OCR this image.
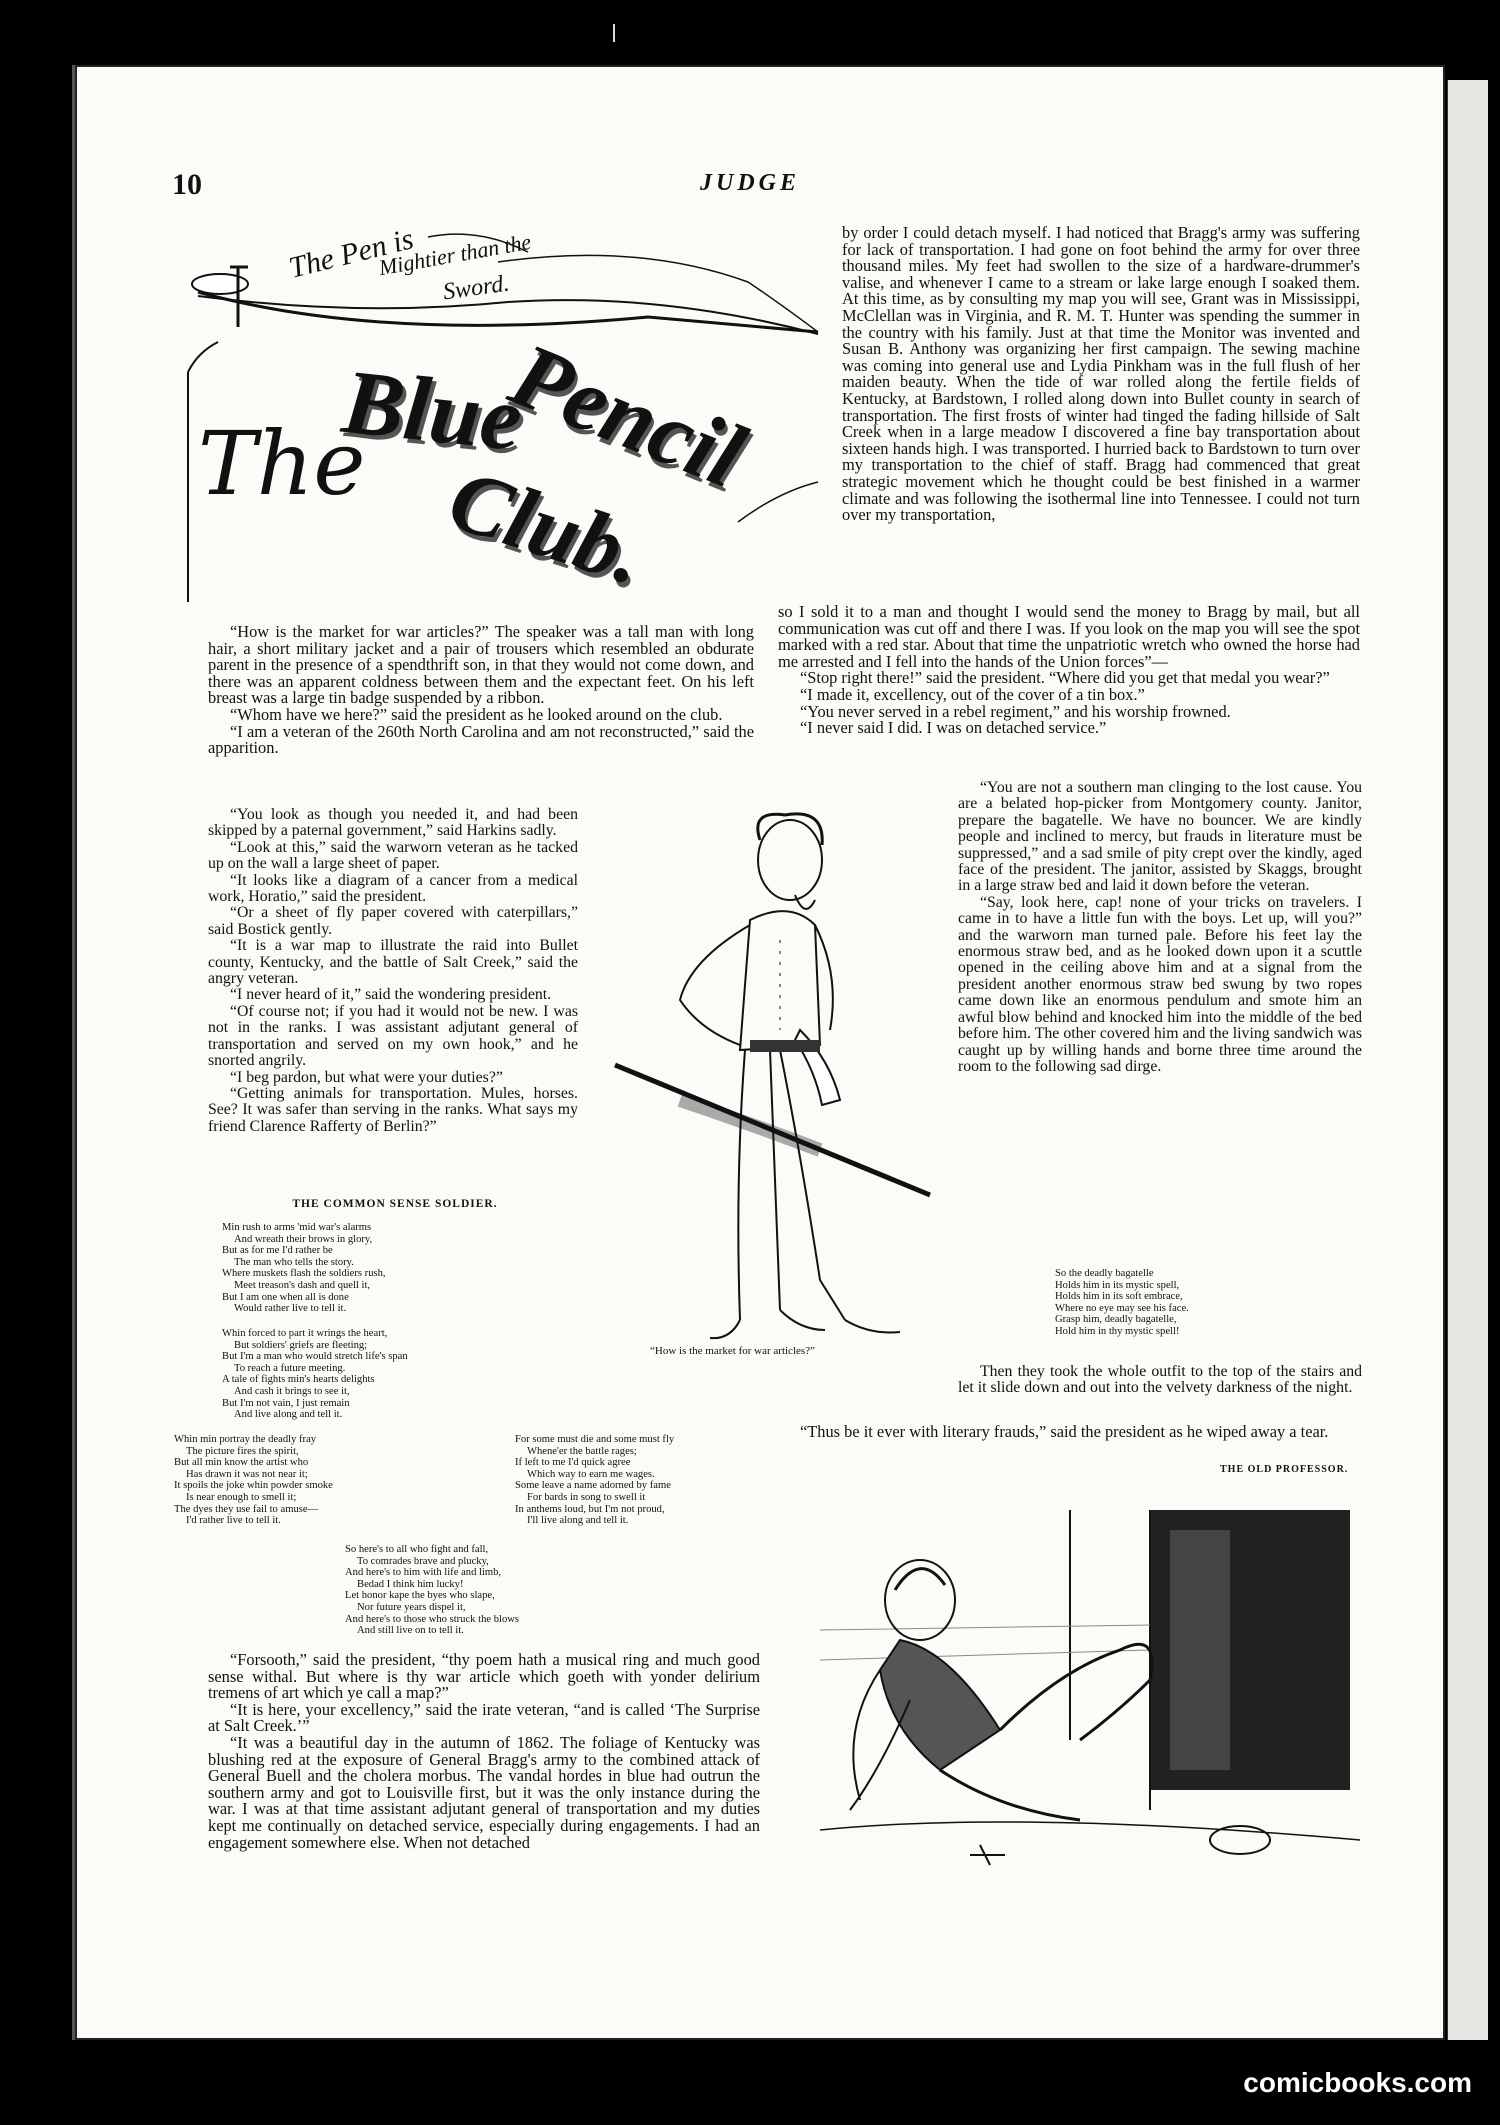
10	JUDGE
The Pen is
Mightier than the
Sword.
The
Blue
Pencil
Club.

“How is the market for war articles?” The speaker was a tall man with long hair, a short military jacket and a pair of trousers which resembled an obdurate parent in the presence of a spendthrift son, in that they would not come down, and there was an apparent coldness between them and the expectant feet. On his left breast was a large tin badge suspended by a ribbon.

“Whom have we here?” said the president as he looked around on the club.

“I am a veteran of the 260th North Carolina and am not reconstructed,” said the apparition.

“You look as though you needed it, and had been skipped by a paternal government,” said Harkins sadly.

“Look at this,” said the warworn veteran as he tacked up on the wall a large sheet of paper.

“It looks like a diagram of a cancer from a medical work, Horatio,” said the president.

“Or a sheet of fly paper covered with caterpillars,” said Bostick gently.

“It is a war map to illustrate the raid into Bullet county, Kentucky, and the battle of Salt Creek,” said the angry veteran.

“I never heard of it,” said the wondering president.

“Of course not; if you had it would not be new. I was not in the ranks. I was assistant adjutant general of transportation and served on my own hook,” and he snorted angrily.

“I beg pardon, but what were your duties?”

“Getting animals for transportation. Mules, horses. See? It was safer than serving in the ranks. What says my friend Clarence Rafferty of Berlin?”

THE COMMON SENSE SOLDIER.
Min rush to arms 'mid war's alarms
And wreath their brows in glory,
But as for me I'd rather be
The man who tells the story.
Where muskets flash the soldiers rush,
Meet treason's dash and quell it,
But I am one when all is done
Would rather live to tell it.
Whin forced to part it wrings the heart,
But soldiers' griefs are fleeting;
But I'm a man who would stretch life's span
To reach a future meeting.
A tale of fights min's hearts delights
And cash it brings to see it,
But I'm not vain, I just remain
And live along and tell it.
Whin min portray the deadly fray
The picture fires the spirit,
But all min know the artist who
Has drawn it was not near it;
It spoils the joke whin powder smoke
Is near enough to smell it;
The dyes they use fail to amuse—
I'd rather live to tell it.
For some must die and some must fly
Whene'er the battle rages;
If left to me I'd quick agree
Which way to earn me wages.
Some leave a name adorned by fame
For bards in song to swell it
In anthems loud, but I'm not proud,
I'll live along and tell it.
So here's to all who fight and fall,
To comrades brave and plucky,
And here's to him with life and limb,
Bedad I think him lucky!
Let honor kape the byes who slape,
Nor future years dispel it,
And here's to those who struck the blows
And still live on to tell it.

“Forsooth,” said the president, “thy poem hath a musical ring and much good sense withal. But where is thy war article which goeth with yonder delirium tremens of art which ye call a map?”

“It is here, your excellency,” said the irate veteran, “and is called ‘The Surprise at Salt Creek.’”

“It was a beautiful day in the autumn of 1862. The foliage of Kentucky was blushing red at the exposure of General Bragg's army to the combined attack of General Buell and the cholera morbus. The vandal hordes in blue had outrun the southern army and got to Louisville first, but it was the only instance during the war. I was at that time assistant adjutant general of transportation and my duties kept me continually on detached service, especially during engagements. I had an engagement somewhere else. When not detached

“How is the market for war articles?”

by order I could detach myself. I had noticed that Bragg's army was suffering for lack of transportation. I had gone on foot behind the army for over three thousand miles. My feet had swollen to the size of a hardware-drummer's valise, and whenever I came to a stream or lake large enough I soaked them. At this time, as by consulting my map you will see, Grant was in Mississippi, McClellan was in Virginia, and R. M. T. Hunter was spending the summer in the country with his family. Just at that time the Monitor was invented and Susan B. Anthony was organizing her first campaign. The sewing machine was coming into general use and Lydia Pinkham was in the full flush of her maiden beauty. When the tide of war rolled along the fertile fields of Kentucky, at Bardstown, I rolled along down into Bullet county in search of transportation. The first frosts of winter had tinged the fading hillside of Salt Creek when in a large meadow I discovered a fine bay transportation about sixteen hands high. I was transported. I hurried back to Bardstown to turn over my transportation to the chief of staff. Bragg had commenced that great strategic movement which he thought could be best finished in a warmer climate and was following the isothermal line into Tennessee. I could not turn over my transportation,

so I sold it to a man and thought I would send the money to Bragg by mail, but all communication was cut off and there I was. If you look on the map you will see the spot marked with a red star. About that time the unpatriotic wretch who owned the horse had me arrested and I fell into the hands of the Union forces”—

“Stop right there!” said the president. “Where did you get that medal you wear?”

“I made it, excellency, out of the cover of a tin box.”

“You never served in a rebel regiment,” and his worship frowned.

“I never said I did. I was on detached service.”

“You are not a southern man clinging to the lost cause. You are a belated hop-picker from Montgomery county. Janitor, prepare the bagatelle. We have no bouncer. We are kindly people and inclined to mercy, but frauds in literature must be suppressed,” and a sad smile of pity crept over the kindly, aged face of the president. The janitor, assisted by Skaggs, brought in a large straw bed and laid it down before the veteran.

“Say, look here, cap! none of your tricks on travelers. I came in to have a little fun with the boys. Let up, will you?” and the warworn man turned pale. Before his feet lay the enormous straw bed, and as he looked down upon it a scuttle opened in the ceiling above him and at a signal from the president another enormous straw bed swung by two ropes came down like an enormous pendulum and smote him an awful blow behind and knocked him into the middle of the bed before him. The other covered him and the living sandwich was caught up by willing hands and borne three time around the room to the following sad dirge.

So the deadly bagatelle
Holds him in its mystic spell,
Holds him in its soft embrace,
Where no eye may see his face.
Grasp him, deadly bagatelle,
Hold him in thy mystic spell!

Then they took the whole outfit to the top of the stairs and let it slide down and out into the velvety darkness of the night.

“Thus be it ever with literary frauds,” said the president as he wiped away a tear.

THE OLD PROFESSOR.
comicbooks.com
